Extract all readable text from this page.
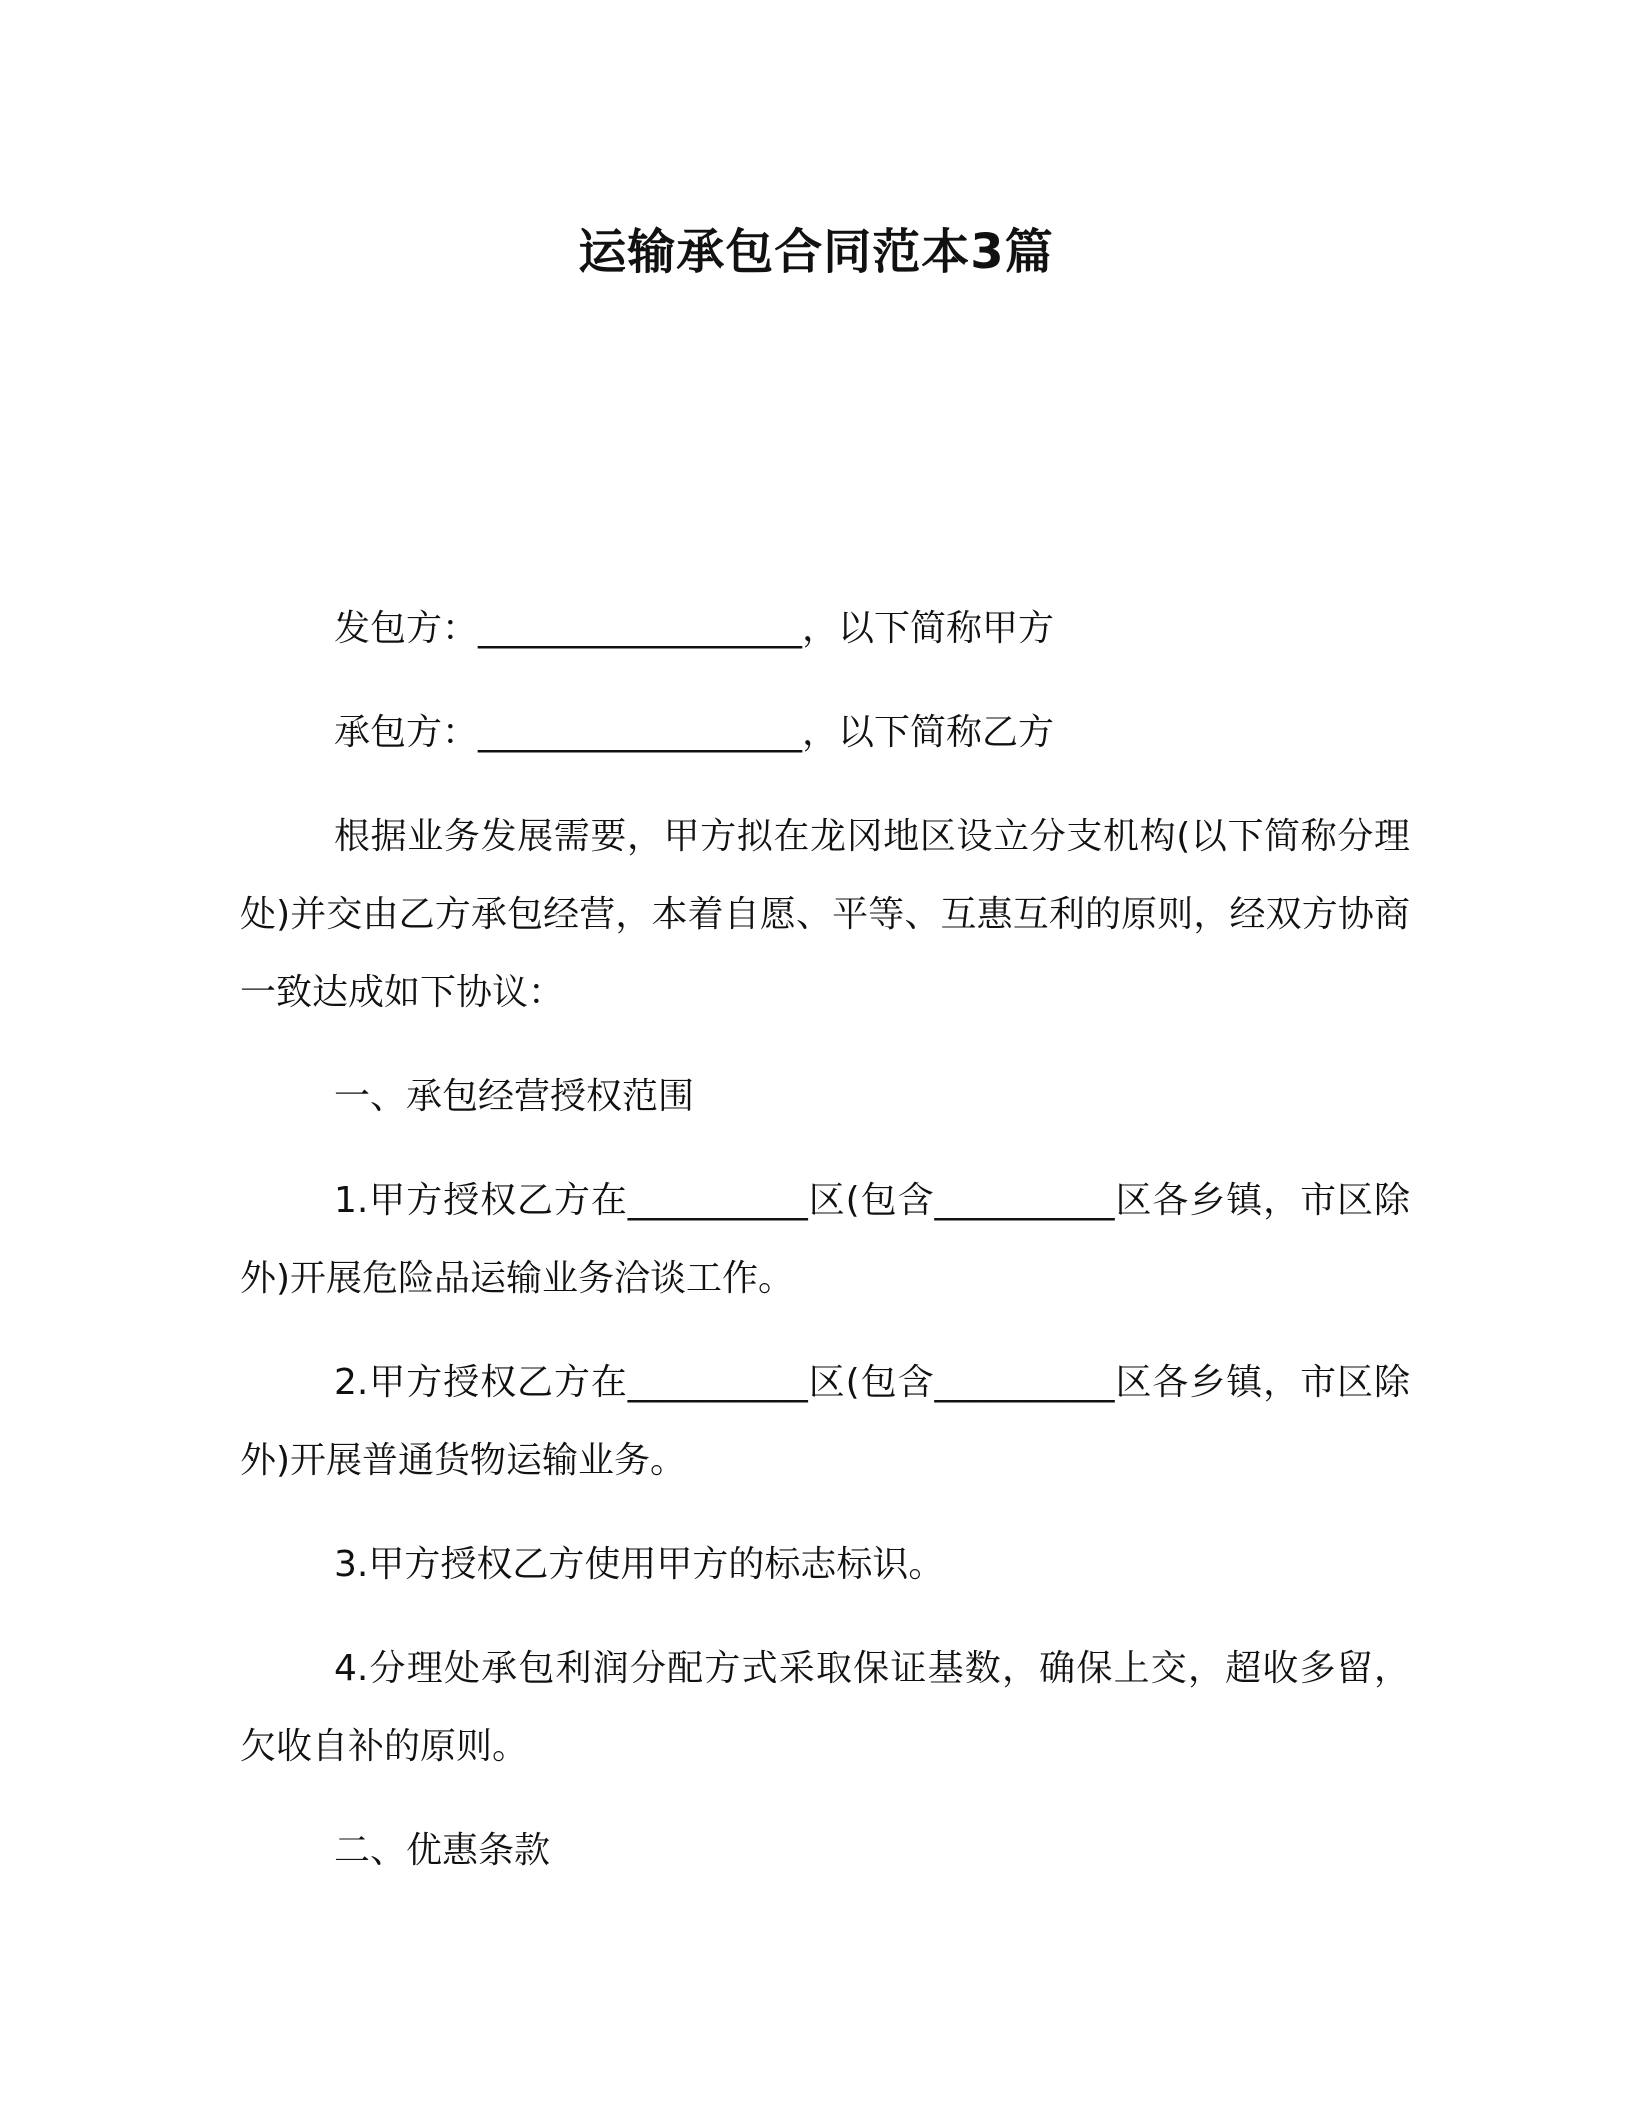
运输承包合同范本3篇

发包方：__________________，以下简称甲方

承包方：__________________，以下简称乙方

根据业务发展需要，甲方拟在龙冈地区设立分支机构(以下简称分理处)并交由乙方承包经营，本着自愿、平等、互惠互利的原则，经双方协商一致达成如下协议：

一、承包经营授权范围

1.甲方授权乙方在__________区(包含__________区各乡镇，市区除外)开展危险品运输业务洽谈工作。

2.甲方授权乙方在__________区(包含__________区各乡镇，市区除外)开展普通货物运输业务。

3.甲方授权乙方使用甲方的标志标识。

4.分理处承包利润分配方式采取保证基数，确保上交，超收多留，欠收自补的原则。

二、优惠条款
